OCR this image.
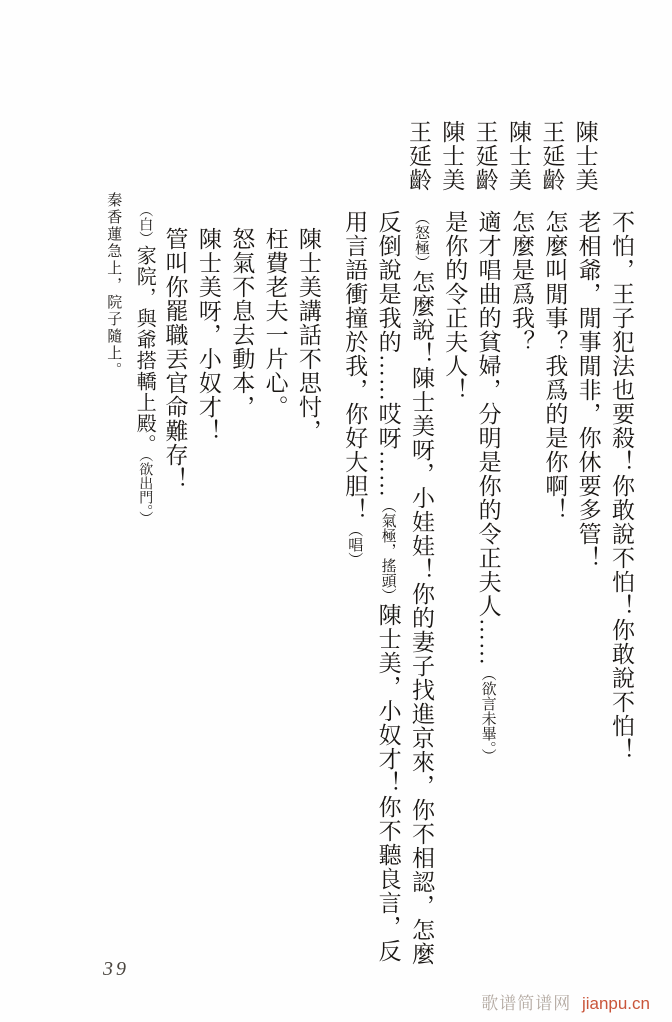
不怕，王子犯法也要殺！你敢說不怕！你敢說不怕！
陳士美
老相爺，閒事閒非，你休要多管！
王延齡
怎麼叫閒事？我爲的是你啊！
陳士美
怎麼是爲我？
王延齡
適才唱曲的貧婦，分明是你的令正夫人……（欲言未畢。）
陳士美
是你的令正夫人！
王延齡
（怒極）怎麼說！陳士美呀，小娃娃！你的妻子找進京來，你不相認，怎麼反倒說是我的……哎呀……（氣極，搖頭）陳士美，小奴才！你不聽良言，反用言語衝撞於我，你好大胆！（唱）
陳士美講話不思忖，
枉費老夫一片心。
怒氣不息去動本，
陳士美呀，小奴才！
管叫你罷職丟官命難存！
（白）家院，與爺搭轎上殿。（欲出門。）
秦香蓮急上，院子隨上。
39
歌谱简谱网 jianpu.cn
